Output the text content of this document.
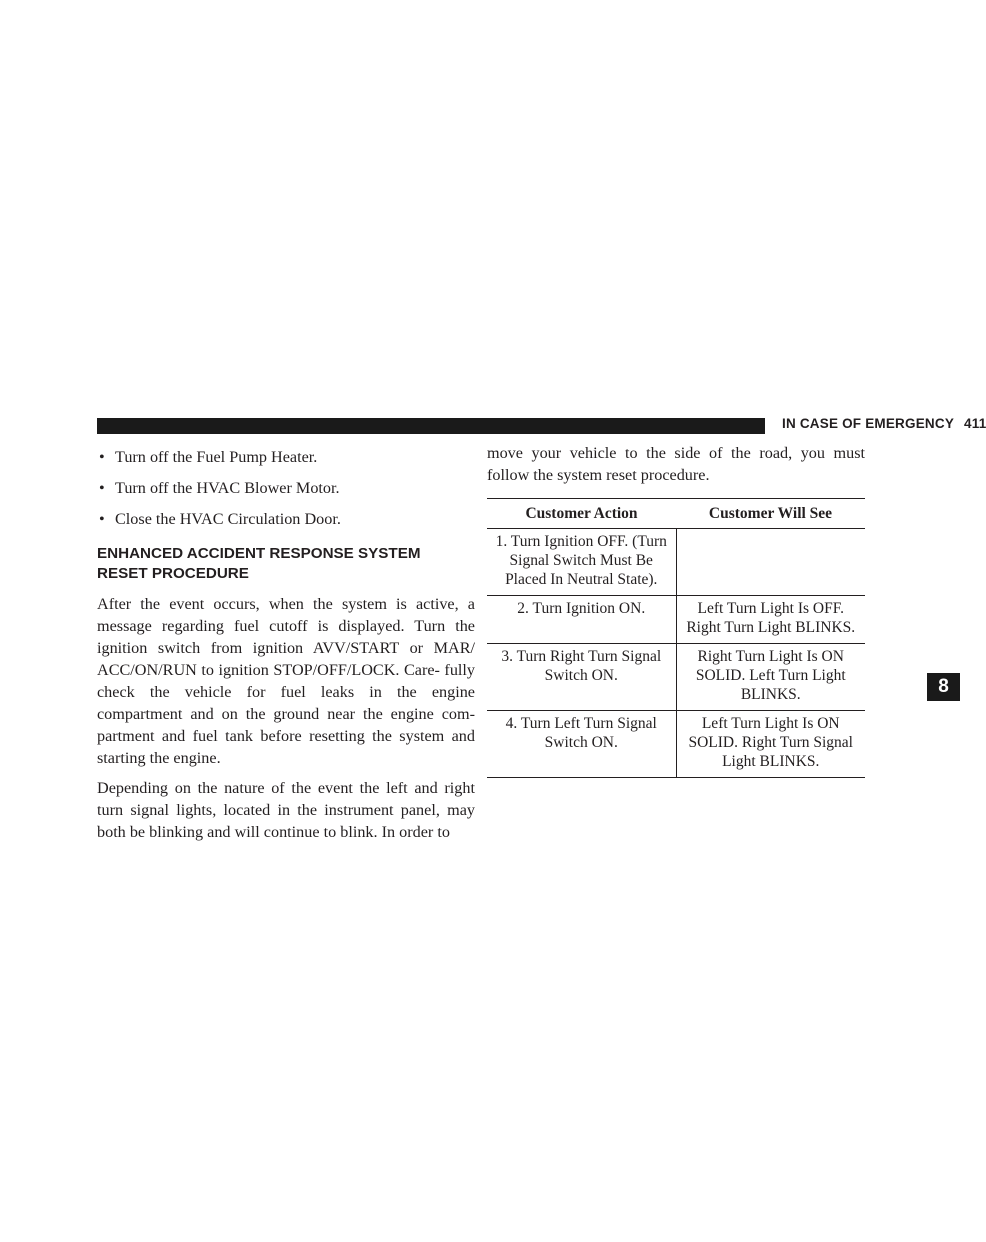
IN CASE OF EMERGENCY 411
• Turn off the Fuel Pump Heater.
• Turn off the HVAC Blower Motor.
• Close the HVAC Circulation Door.
ENHANCED ACCIDENT RESPONSE SYSTEM RESET PROCEDURE

After the event occurs, when the system is active, a message regarding fuel cutoff is displayed. Turn the ignition switch from ignition AVV/START or MAR/ ACC/ON/RUN to ignition STOP/OFF/LOCK. Care- fully check the vehicle for fuel leaks in the engine compartment and on the ground near the engine com- partment and fuel tank before resetting the system and starting the engine.

Depending on the nature of the event the left and right turn signal lights, located in the instrument panel, may both be blinking and will continue to blink. In order to

move your vehicle to the side of the road, you must follow the system reset procedure.

Customer Action	Customer Will See
1. Turn Ignition OFF. (Turn Signal Switch Must Be Placed In Neutral State).	
2. Turn Ignition ON.	Left Turn Light Is OFF. Right Turn Light BLINKS.
3. Turn Right Turn Signal Switch ON.	Right Turn Light Is ON SOLID. Left Turn Light BLINKS.
4. Turn Left Turn Signal Switch ON.	Left Turn Light Is ON SOLID. Right Turn Signal Light BLINKS.
8
